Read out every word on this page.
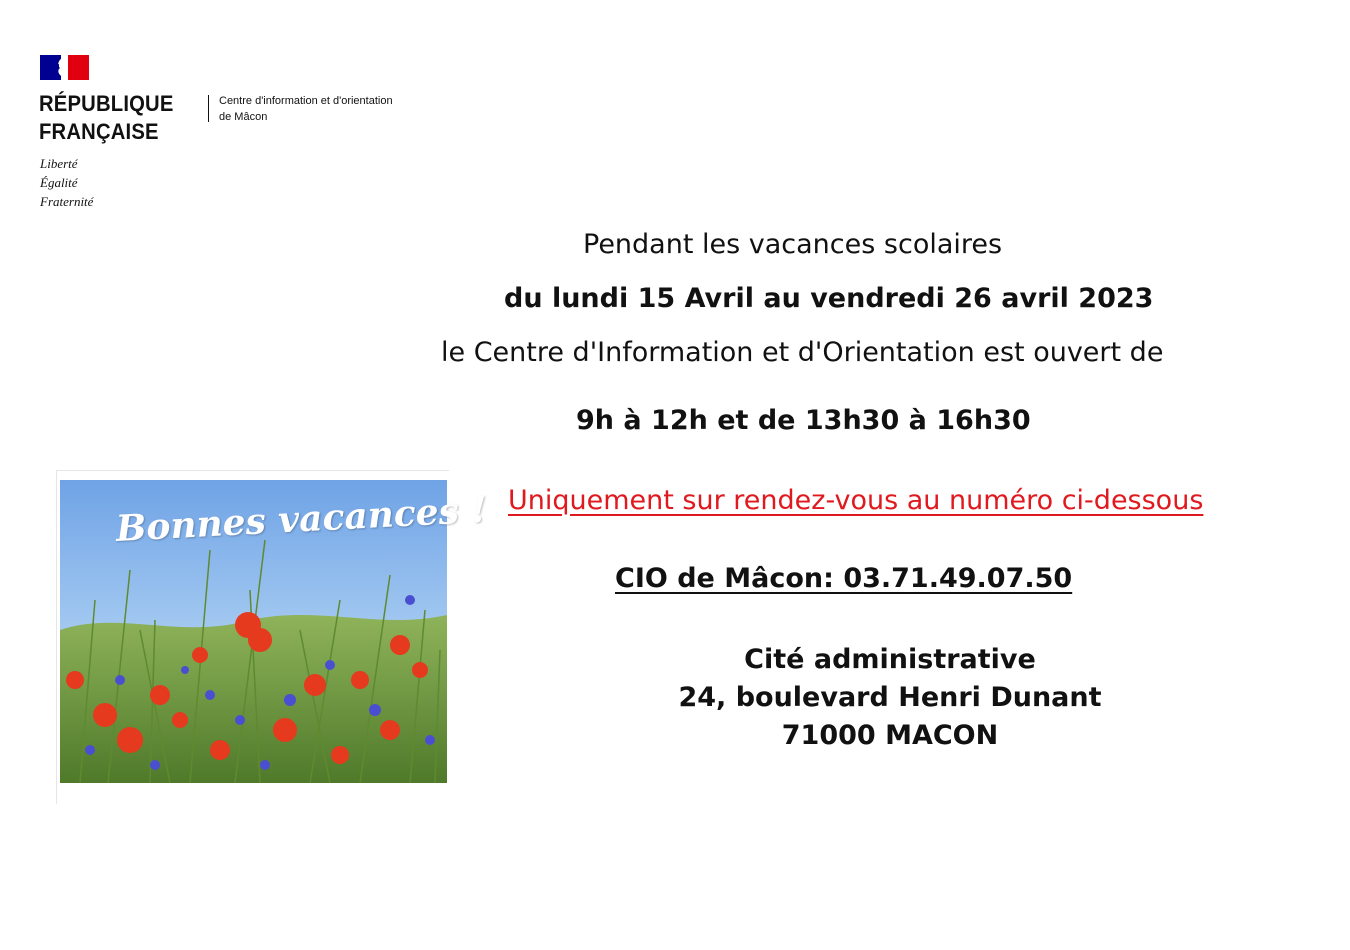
RÉPUBLIQUE
FRANÇAISE
Liberté
Égalité
Fraternité
Centre d'information et d'orientation
de Mâcon
Pendant les vacances scolaires
du lundi 15 Avril au vendredi 26 avril 2023
le Centre d'Information et d'Orientation est ouvert de
9h à 12h et de 13h30 à 16h30
Uniquement sur rendez-vous au numéro ci-dessous
CIO de Mâcon: 03.71.49.07.50
Cité administrative
24, boulevard Henri Dunant
71000 MACON
Bonnes vacances !
